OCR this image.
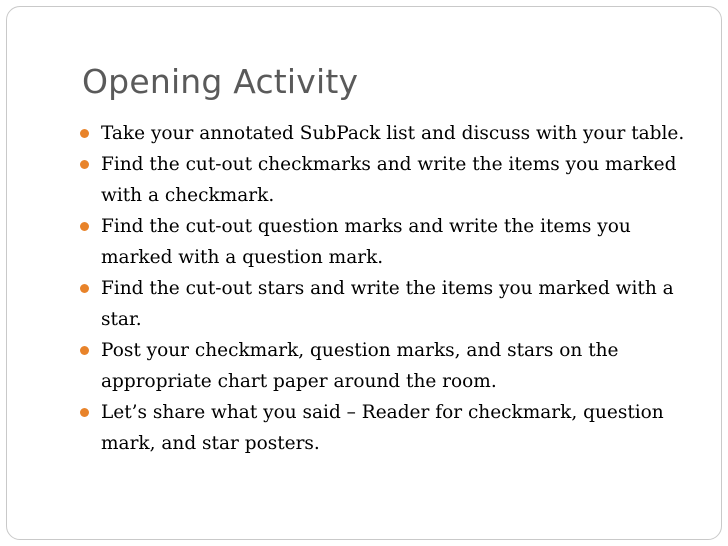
Opening Activity
Take your annotated SubPack list and discuss with your table.
Find the cut-out checkmarks and write the items you marked with a checkmark.
Find the cut-out question marks and write the items you marked with a question mark.
Find the cut-out stars and write the items you marked with a star.
Post your checkmark, question marks, and stars on the appropriate chart paper around the room.
Let’s share what you said – Reader for checkmark, question mark, and star posters.
